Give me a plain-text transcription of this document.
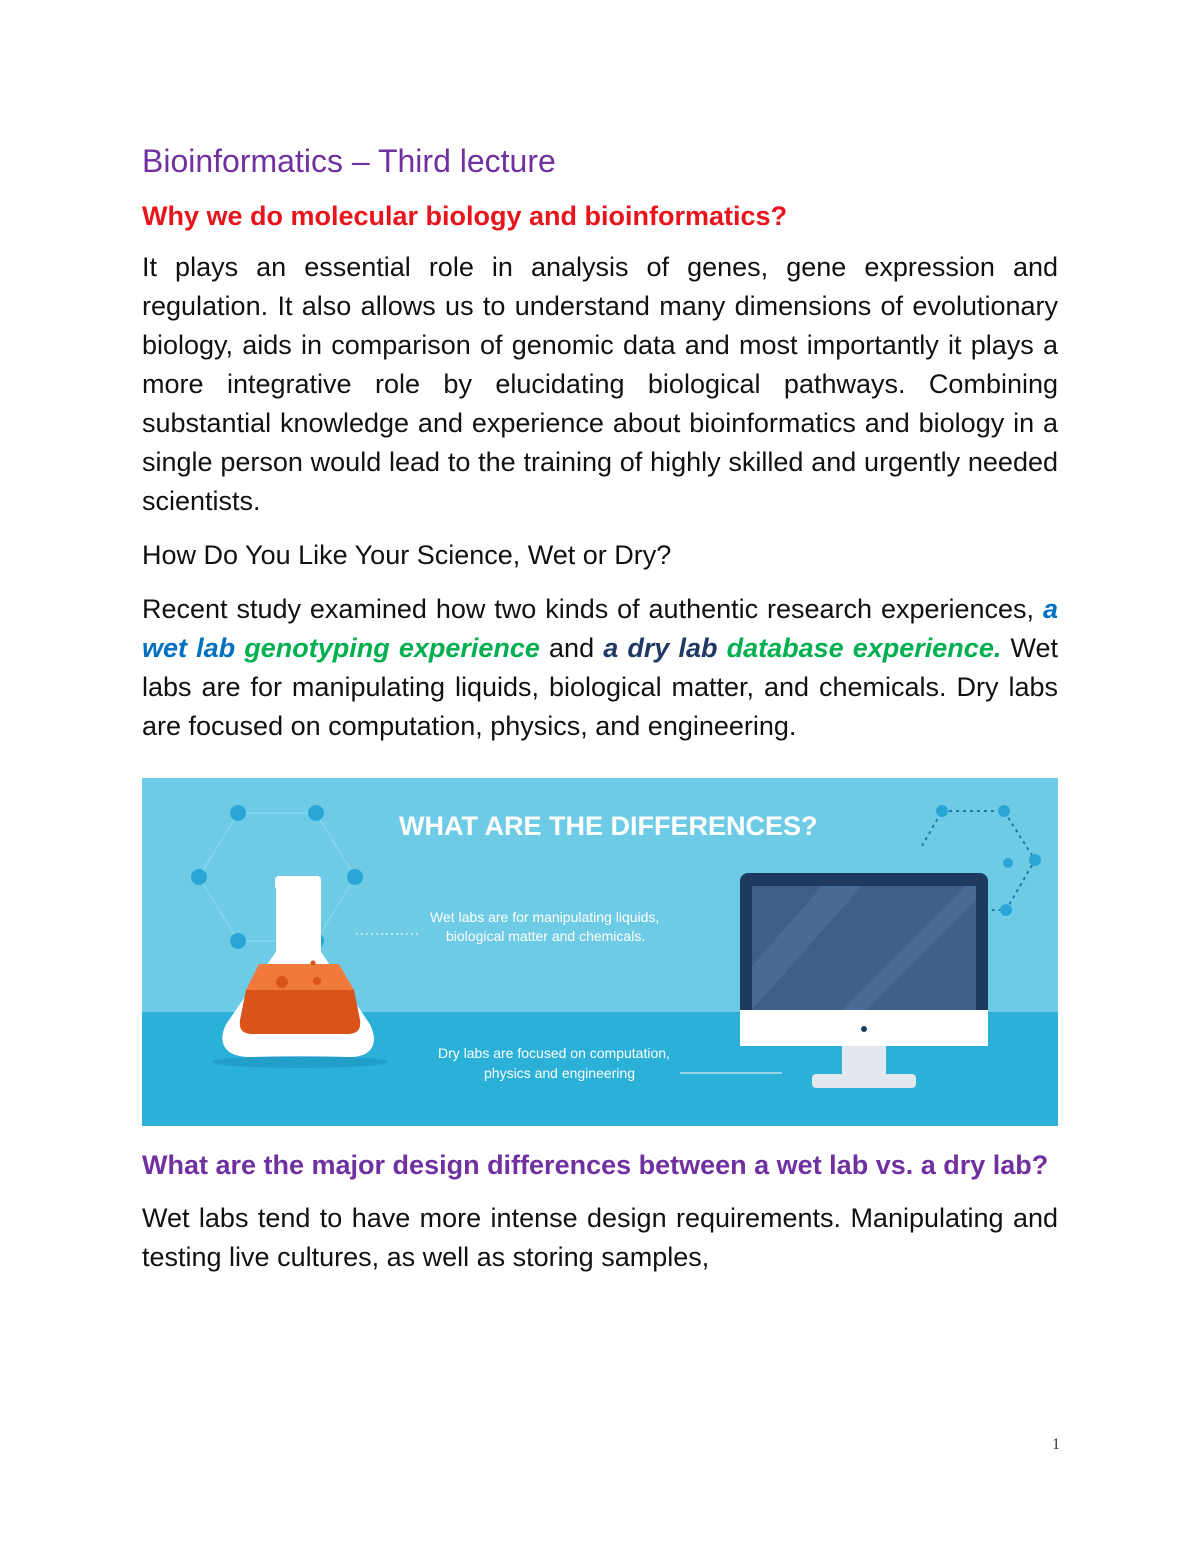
Bioinformatics – Third lecture
Why we do molecular biology and bioinformatics?

It plays an essential role in analysis of genes, gene expression and regulation. It also allows us to understand many dimensions of evolutionary biology, aids in comparison of genomic data and most importantly it plays a more integrative role by elucidating biological pathways. Combining substantial knowledge and experience about bioinformatics and biology in a single person would lead to the training of highly skilled and urgently needed scientists.

How Do You Like Your Science, Wet or Dry?

Recent study examined how two kinds of authentic research experiences, a wet lab genotyping experience and a dry lab database experience. Wet labs are for manipulating liquids, biological matter, and chemicals. Dry labs are focused on computation, physics, and engineering.

WHAT ARE THE DIFFERENCES?
Wet labs are for manipulating liquids,
biological matter and chemicals.
Dry labs are focused on computation,
physics and engineering
What are the major design differences between a wet lab vs. a dry lab?

Wet labs tend to have more intense design requirements. Manipulating and testing live cultures, as well as storing samples,

1
